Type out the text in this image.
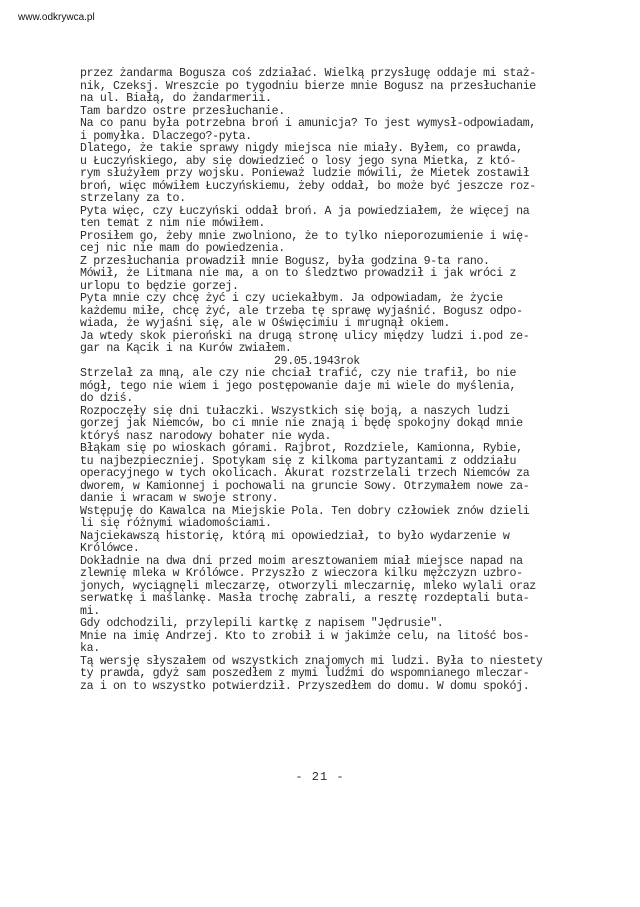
www.odkrywca.pl
przez żandarma Bogusza coś zdziałać. Wielką przysługę oddaje mi staż-
nik, Czeksj. Wreszcie po tygodniu bierze mnie Bogusz na przesłuchanie
na ul. Białą, do żandarmerii.
Tam bardzo ostre przesłuchanie.
Na co panu była potrzebna broń i amunicja? To jest wymysł-odpowiadam,
i pomyłka. Dlaczego?-pyta.
Dlatego, że takie sprawy nigdy miejsca nie miały. Byłem, co prawda,
u Łuczyńskiego, aby się dowiedzieć o losy jego syna Mietka, z któ-
rym służyłem przy wojsku. Ponieważ ludzie mówili, że Mietek zostawił
broń, więc mówiłem Łuczyńskiemu, żeby oddał, bo może być jeszcze roz-
strzelany za to.
Pyta więc, czy Łuczyński oddał broń. A ja powiedziałem, że więcej na
ten temat z nim nie mówiłem.
Prosiłem go, żeby mnie zwolniono, że to tylko nieporozumienie i wię-
cej nic nie mam do powiedzenia.
Z przesłuchania prowadził mnie Bogusz, była godzina 9-ta rano.
Mówił, że Litmana nie ma, a on to śledztwo prowadził i jak wróci z
urlopu to będzie gorzej.
Pyta mnie czy chcę żyć i czy uciekałbym. Ja odpowiadam, że życie
każdemu miłe, chcę żyć, ale trzeba tę sprawę wyjaśnić. Bogusz odpo-
wiada, że wyjaśni się, ale w Oświęcimiu i mrugnął okiem.
Ja wtedy skok pieroński na drugą stronę ulicy między ludzi i.pod ze-
gar na Kącik i na Kurów zwiałem.
29.05.1943rok
Strzelał za mną, ale czy nie chciał trafić, czy nie trafił, bo nie
mógł, tego nie wiem i jego postępowanie daje mi wiele do myślenia,
do dziś.
Rozpoczęły się dni tułaczki. Wszystkich się boją, a naszych ludzi
gorzej jak Niemców, bo ci mnie nie znają i będę spokojny dokąd mnie
któryś nasz narodowy bohater nie wyda.
Błąkam się po wioskach górami. Rajbrot, Rozdziele, Kamionna, Rybie,
tu najbezpieczniej. Spotykam się z kilkoma partyzantami z oddziału
operacyjnego w tych okolicach. Akurat rozstrzelali trzech Niemców za
dworem, w Kamionnej i pochowali na gruncie Sowy. Otrzymałem nowe za-
danie i wracam w swoje strony.
Wstępuję do Kawalca na Miejskie Pola. Ten dobry człowiek znów dzieli
li się różnymi wiadomościami.
Najciekawszą historię, którą mi opowiedział, to było wydarzenie w
Królówce.
Dokładnie na dwa dni przed moim aresztowaniem miał miejsce napad na
zlewnię mleka w Królówce. Przyszło z wieczora kilku mężczyzn uzbro-
jonych, wyciągnęli mleczarzę, otworzyli mleczarnię, mleko wylali oraz
serwatkę i maślankę. Masła trochę zabrali, a resztę rozdeptali buta-
mi.
Gdy odchodzili, przylepili kartkę z napisem "Jędrusie".
Mnie na imię Andrzej. Kto to zrobił i w jakimże celu, na litość bos-
ka.
Tą wersję słyszałem od wszystkich znajomych mi ludzi. Była to niestety
ty prawda, gdyż sam poszedłem z mymi ludźmi do wspomnianego mleczar-
za i on to wszystko potwierdził. Przyszedłem do domu. W domu spokój.
- 21 -
